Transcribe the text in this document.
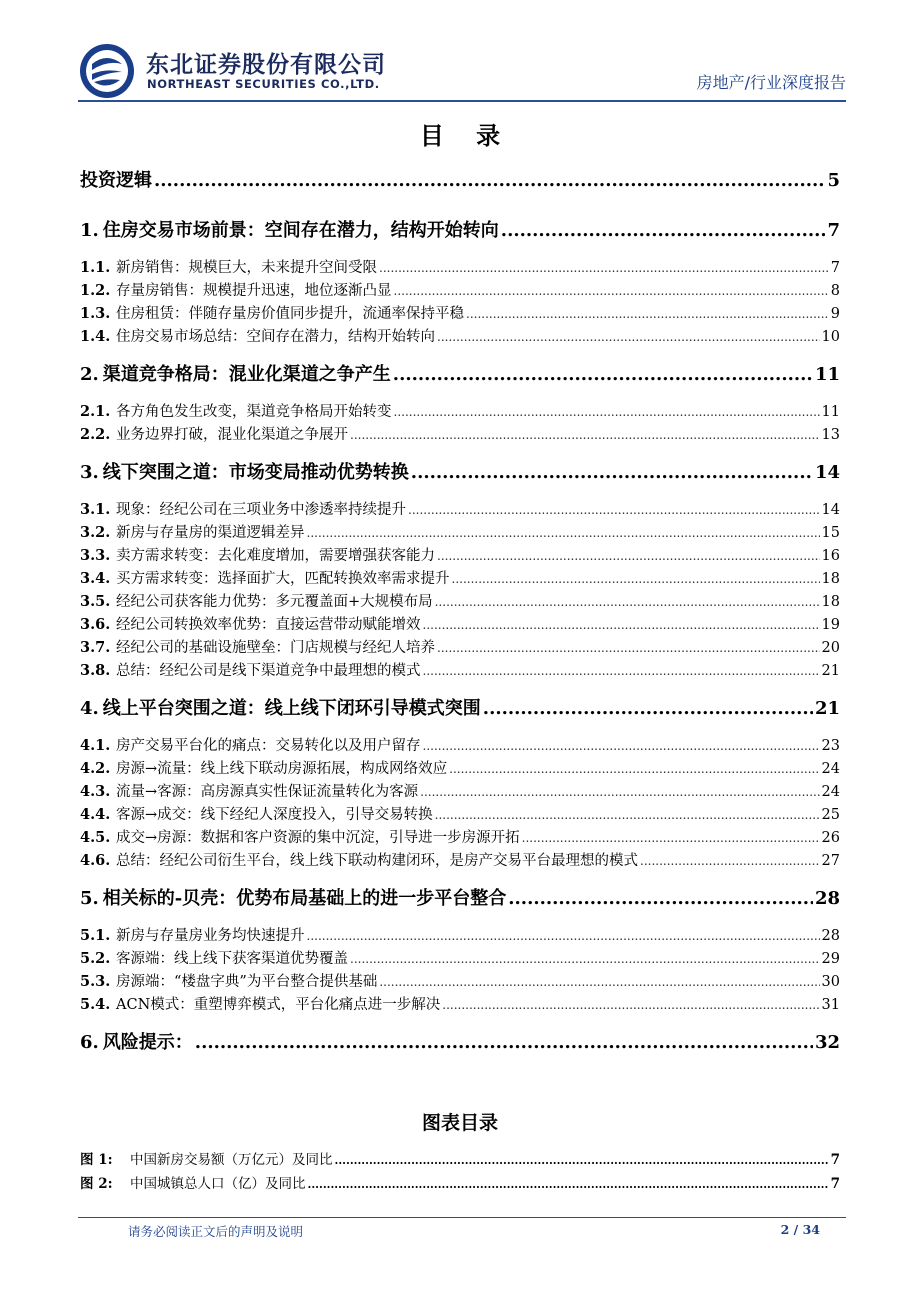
东北证券股份有限公司
NORTHEAST SECURITIES CO.,LTD.	房地产/行业深度报告
目 录
投资逻辑 .....	5
1. 住房交易市场前景：空间存在潜力，结构开始转向 .....	7
1.1. 新房销售：规模巨大，未来提升空间受限 .....	7
1.2. 存量房销售：规模提升迅速，地位逐渐凸显 .....	8
1.3. 住房租赁：伴随存量房价值同步提升，流通率保持平稳 .....	9
1.4. 住房交易市场总结：空间存在潜力，结构开始转向 .....	10
2. 渠道竞争格局：混业化渠道之争产生 .....	11
2.1. 各方角色发生改变，渠道竞争格局开始转变 .....	11
2.2. 业务边界打破，混业化渠道之争展开 .....	13
3. 线下突围之道：市场变局推动优势转换 .....	14
3.1. 现象：经纪公司在三项业务中渗透率持续提升 .....	14
3.2. 新房与存量房的渠道逻辑差异 .....	15
3.3. 卖方需求转变：去化难度增加，需要增强获客能力 .....	16
3.4. 买方需求转变：选择面扩大，匹配转换效率需求提升 .....	18
3.5. 经纪公司获客能力优势：多元覆盖面+大规模布局 .....	18
3.6. 经纪公司转换效率优势：直接运营带动赋能增效 .....	19
3.7. 经纪公司的基础设施壁垒：门店规模与经纪人培养 .....	20
3.8. 总结：经纪公司是线下渠道竞争中最理想的模式 .....	21
4. 线上平台突围之道：线上线下闭环引导模式突围 .....	21
4.1. 房产交易平台化的痛点：交易转化以及用户留存 .....	23
4.2. 房源→流量：线上线下联动房源拓展，构成网络效应 .....	24
4.3. 流量→客源：高房源真实性保证流量转化为客源 .....	24
4.4. 客源→成交：线下经纪人深度投入，引导交易转换 .....	25
4.5. 成交→房源：数据和客户资源的集中沉淀，引导进一步房源开拓 .....	26
4.6. 总结：经纪公司衍生平台，线上线下联动构建闭环，是房产交易平台最理想的模式 .....	27
5. 相关标的-贝壳：优势布局基础上的进一步平台整合 .....	28
5.1. 新房与存量房业务均快速提升 .....	28
5.2. 客源端：线上线下获客渠道优势覆盖 .....	29
5.3. 房源端：“楼盘字典”为平台整合提供基础 .....	30
5.4. ACN模式：重塑博弈模式，平台化痛点进一步解决 .....	31
6. 风险提示： .....	32
图表目录
图 1: 中国新房交易额（万亿元）及同比 .....	7
图 2: 中国城镇总人口（亿）及同比 .....	7
请务必阅读正文后的声明及说明	2 / 34
